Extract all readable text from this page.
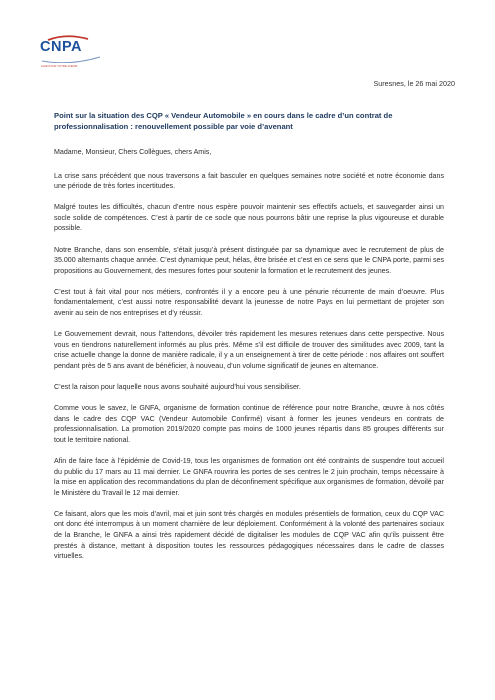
CNPA
AGIR POUR VOTRE AVENIR
Suresnes, le 26 mai 2020
Point sur la situation des CQP « Vendeur Automobile » en cours dans le cadre d’un contrat de professionnalisation : renouvellement possible par voie d’avenant

Madame, Monsieur, Chers Collègues, chers Amis,

La crise sans précédent que nous traversons a fait basculer en quelques semaines notre société et notre économie dans une période de très fortes incertitudes.

Malgré toutes les difficultés, chacun d’entre nous espère pouvoir maintenir ses effectifs actuels, et sauvegarder ainsi un socle solide de compétences. C’est à partir de ce socle que nous pourrons bâtir une reprise la plus vigoureuse et durable possible.

Notre Branche, dans son ensemble, s’était jusqu’à présent distinguée par sa dynamique avec le recrutement de plus de 35.000 alternants chaque année. C’est dynamique peut, hélas, être brisée et c’est en ce sens que le CNPA porte, parmi ses propositions au Gouvernement, des mesures fortes pour soutenir la formation et le recrutement des jeunes.

C’est tout à fait vital pour nos métiers, confrontés il y a encore peu à une pénurie récurrente de main d’oeuvre. Plus fondamentalement, c’est aussi notre responsabilité devant la jeunesse de notre Pays en lui permettant de projeter son avenir au sein de nos entreprises et d’y réussir.

Le Gouvernement devrait, nous l’attendons, dévoiler très rapidement les mesures retenues dans cette perspective. Nous vous en tiendrons naturellement informés au plus près. Même s’il est difficile de trouver des similitudes avec 2009, tant la crise actuelle change la donne de manière radicale, il y a un enseignement à tirer de cette période : nos affaires ont souffert pendant près de 5 ans avant de bénéficier, à nouveau, d’un volume significatif de jeunes en alternance.

C’est la raison pour laquelle nous avons souhaité aujourd’hui vous sensibiliser.

Comme vous le savez, le GNFA, organisme de formation continue de référence pour notre Branche, œuvre à nos côtés dans le cadre des CQP VAC (Vendeur Automobile Confirmé) visant à former les jeunes vendeurs en contrats de professionnalisation. La promotion 2019/2020 compte pas moins de 1000 jeunes répartis dans 85 groupes différents sur tout le territoire national.

Afin de faire face à l’épidémie de Covid-19, tous les organismes de formation ont été contraints de suspendre tout accueil du public du 17 mars au 11 mai dernier. Le GNFA rouvrira les portes de ses centres le 2 juin prochain, temps nécessaire à la mise en application des recommandations du plan de déconfinement spécifique aux organismes de formation, dévoilé par le Ministère du Travail le 12 mai dernier.

Ce faisant, alors que les mois d’avril, mai et juin sont très chargés en modules présentiels de formation, ceux du CQP VAC ont donc été interrompus à un moment charnière de leur déploiement. Conformément à la volonté des partenaires sociaux de la Branche, le GNFA a ainsi très rapidement décidé de digitaliser les modules de CQP VAC afin qu’ils puissent être prestés à distance, mettant à disposition toutes les ressources pédagogiques nécessaires dans le cadre de classes virtuelles.
